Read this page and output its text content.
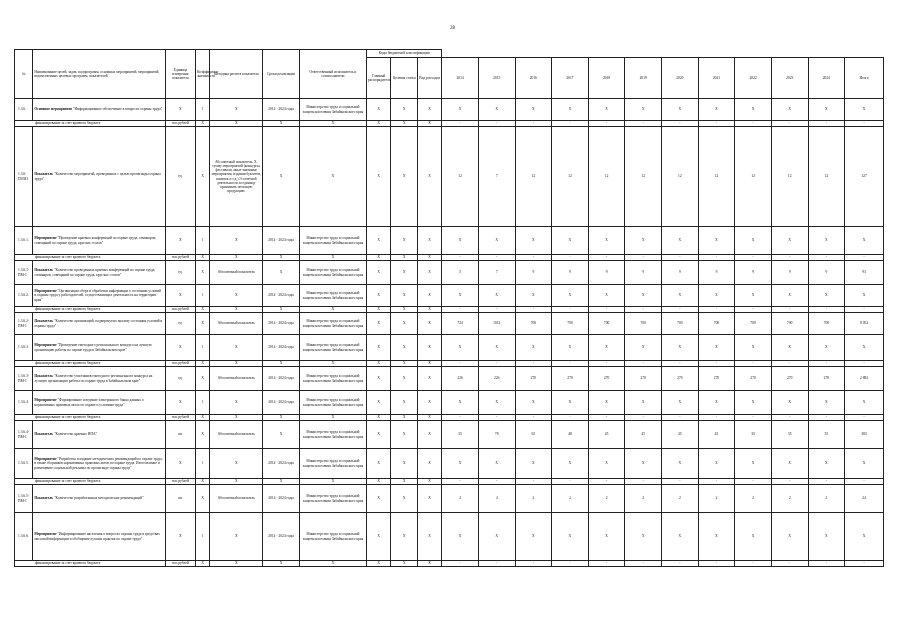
28
№	Наименование целей, задач, подпрограмм, основных мероприятий, мероприятий, ведомственных целевых программ, показателей	Единица измерения показателя	Коэффициент значимости	Методика расчета показателя	Сроки реализации	Ответственный исполнитель и соисполнители	Коды бюджетной классификации														
							Главный распорядитель	Целевая статья	Вид расходов	2014	2015	2016	2017	2018	2019	2020	2021	2022	2023	2024	Итого
1.3.6.	Основное мероприятие "Информационное обеспечение в вопросах охраны труда"	X	1	X	2014 - 2024 годы	Министерство труда и социальной защиты населения Забайкальского края	X	X	X	X	X	X	X	X	X	X	X	X	X	X	X
финансирование за счет краевого бюджета		тыс.рублей	X	X	X	X	X	X	X	-	-	-	-	-	-	-	-	-	-	-	-
1.3.6-ПОМ1	Показатель "Количество мероприятий, проведенных с целью пропаганды охраны труда"	ед.	X	Абсолютный показатель. Х, сумму мероприятий (конкурсы, фестивали, иные значимые мероприятия, издания буклетов, памяток и т.д.) Э отчетной деятельности за единицу принимать печатную продукцию.	X	X	X	X	X	12	7	12	12	12	12	12	12	12	12	12	127
1.3.6.1.	Мероприятие "Проведение краевых конференций по охране труда, семинаров, совещаний по охране труда, круглых столов"	X	1	X	2014 - 2024 годы	Министерство труда и социальной защиты населения Забайкальского края	X	X	X	X	X	X	X	X	X	X	X	X	X	X	X
финансирование за счет краевого бюджета		тыс.рублей	X	X	X	X	X	X	X	-	-	-	-	-	-	-	-	-	-	-	-
1.3.6.1-ПМ-1	Показатель "Количество проведенных краевых конференций по охране труда, семинаров, совещаний по охране труда, круглых столов"	ед.	X	Абсолютный показатель	X	Министерство труда и социальной защиты населения Забайкальского края	X	X	X	5	7	9	9	9	9	9	9	9	9	9	93
1.3.6.2.	Мероприятие "Организация сбора и обработки информации о состоянии условий и охраны труда у работодателей, осуществляющих деятельность на территории края"	X	1	X	2014 - 2024 годы	Министерство труда и социальной защиты населения Забайкальского края	X	X	X	X	X	X	X	X	X	X	X	X	X	X	X
финансирование за счет краевого бюджета		тыс.рублей	X	X	X	X	X	X	X	-	-	-	-	-	-	-	-	-	-	-	-
1.3.6.2-ПМ-1	Показатель "Количество организаций, подвергнутых анализу состояния условий и охраны труда"	ед.	X	Абсолютный показатель	2014 - 2024 годы	Министерство труда и социальной защиты населения Забайкальского края	X	X	X	724	1012	700	700	700	700	700	700	700	700	700	8 052
1.3.6.3.	Мероприятие "Проведение ежегодного регионального конкурса на лучшую организацию работы по охране труда в Забайкальском крае"	X	1	X	2014 - 2024 годы	Министерство труда и социальной защиты населения Забайкальского края	X	X	X	X	X	X	X	X	X	X	X	X	X	X	X
финансирование за счет краевого бюджета		тыс.рублей	X	X	X	X	X	X	X	-	-	-	-	-	-	-	-	-	-	-	-
1.3.6.3-ПМ-1	Показатель "Количество участников ежегодного регионального конкурса на лучшую организацию работы по охране труда в Забайкальском крае"	ед.	X	Абсолютный показатель	2014 - 2024 годы	Министерство труда и социальной защиты населения Забайкальского края	X	X	X	226	226	270	270	270	270	270	270	270	270	270	2 882
1.3.6.4.	Мероприятие "Формирование и ведение электронного банка данных о нормативных правовых актах по охране и условиям труда"	X	1	X	2014 - 2024 годы	Министерство труда и социальной защиты населения Забайкальского края	X	X	X	X	X	X	X	X	X	X	X	X	X	X	X
финансирование за счет краевого бюджета		тыс.рублей	X	X	X	X	X	X	X	-	-	-	-	-	-	-	-	-	-	-	-
1.3.6.4-ПМ-1	Показатель "Количество краевых НПА"	шт	X	Абсолютный показатель	X	Министерство труда и социальной защиты населения Забайкальского края	X	X	X	35	78	65	48	45	45	45	45	35	35	35	383
1.3.6.5.	Мероприятие "Разработка и издание методических рекомендаций по охране труда, в также сборников нормативных правовых актов по охране труда. Изготовление и размещение социальной рекламы по пропаганде охраны труда"	X	1	X	2014 - 2024 годы	Министерство труда и социальной защиты населения Забайкальского края	X	X	X	X	X	X	X	X	X	X	X	X	X	X	X
финансирование за счет краевого бюджета		тыс.рублей	X	X	X	X	X	X	X	-	-	-	-	-	-	-	-	-	-	-	-
1.3.6.5-ПМ-1	Показатель "Количество разработанных методических рекомендаций"	шт	X	Абсолютный показатель	2014 - 2024 годы	Министерство труда и социальной защиты населения Забайкальского края	X	X	X	2	4	2	2	2	2	2	2	2	2	2	24
1.3.6.6.	Мероприятие "Информирование населения о вопросах охраны труда в средствах массовой информации и обобщение лучших практик по охране труда"	X	1	X	2014 - 2024 годы	Министерство труда и социальной защиты населения Забайкальского края	X	X	X	X	X	X	X	X	X	X	X	X	X	X	X
финансирование за счет краевого бюджета		тыс.рублей	X	X	X	X	X	X	X	-	-	-	-	-	-	-	-	-	-	-	-
